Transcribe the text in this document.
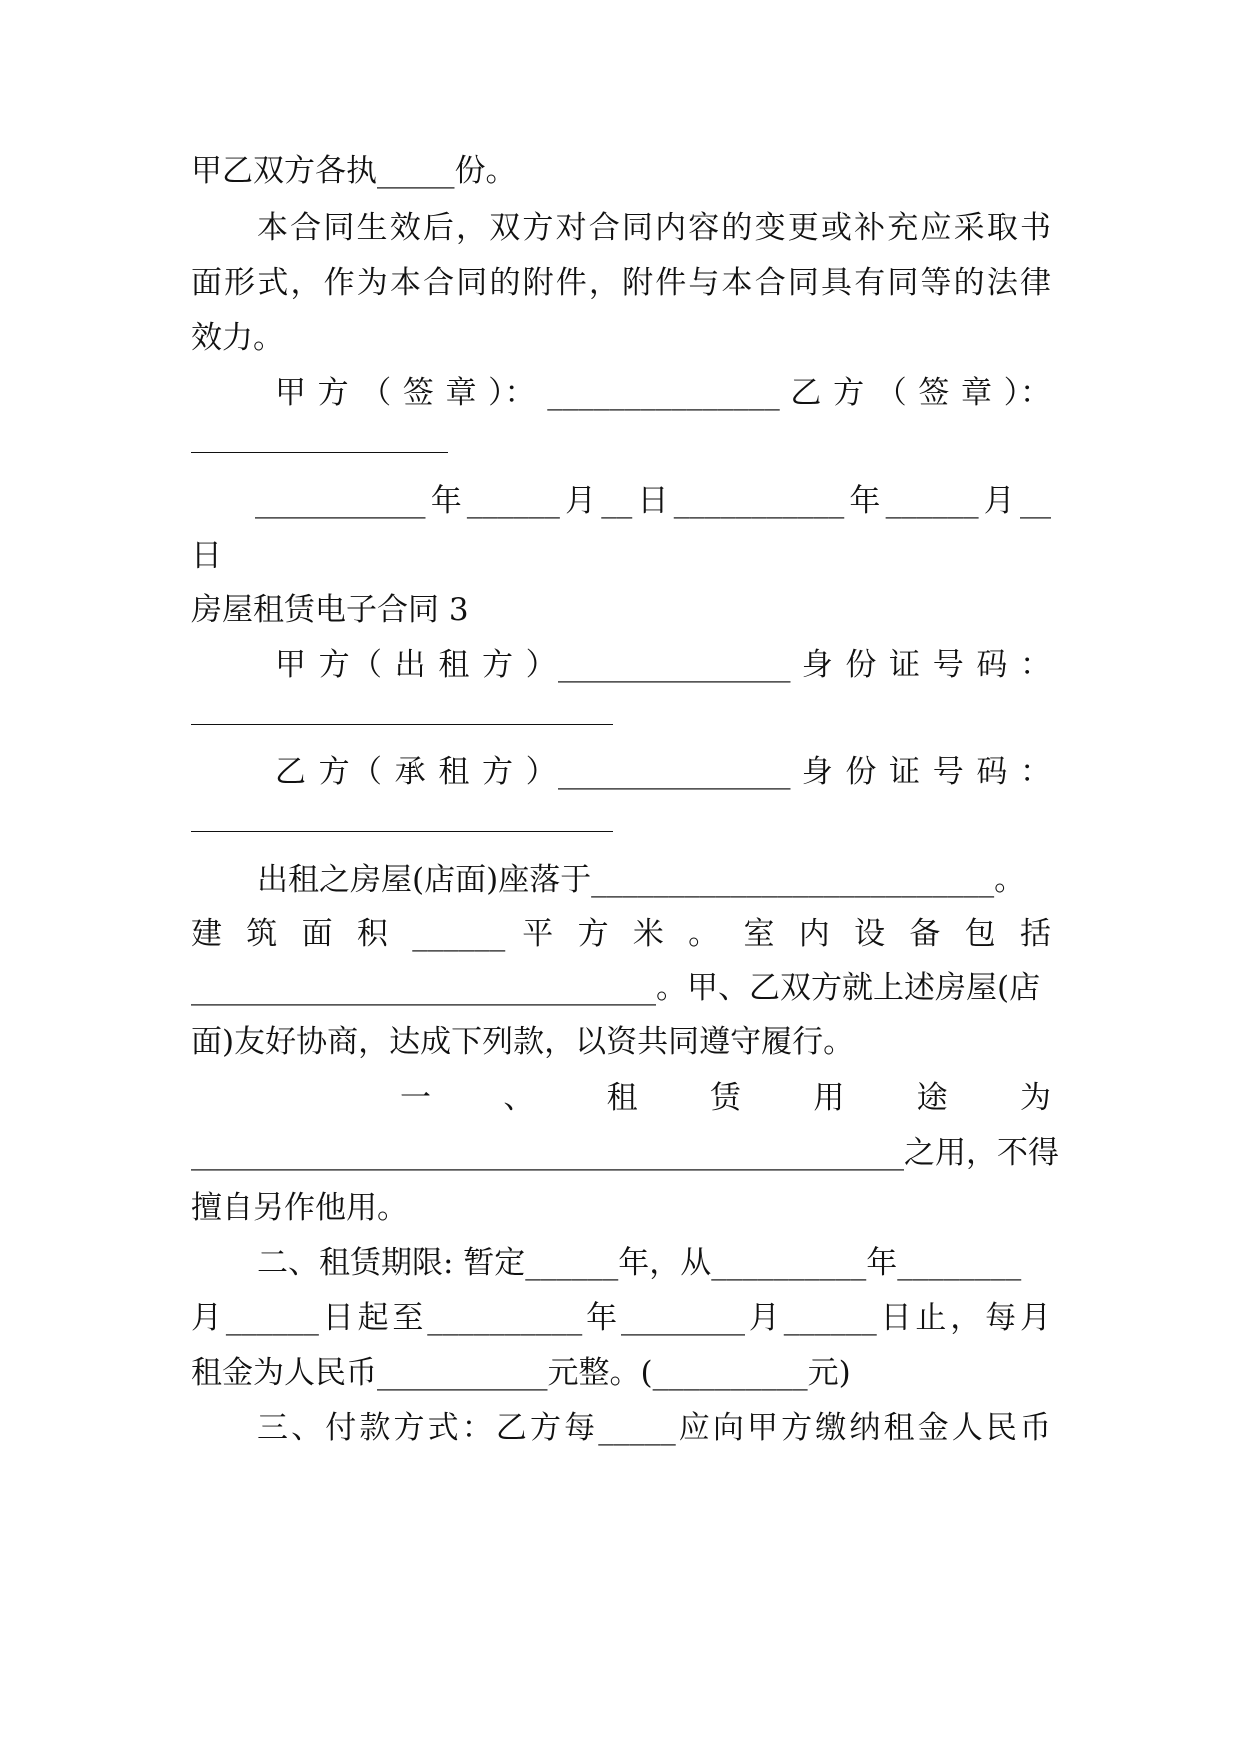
甲乙双方各执_____份。
本合同生效后，双方对合同内容的变更或补充应采取书
面形式，作为本合同的附件，附件与本合同具有同等的法律
效力。
甲 方 （ 签 章 ）： _______________ 乙 方 （ 签 章 ）：
___________年______月__日___________年______月__
日
房屋租赁电子合同 3
甲 方（ 出 租 方 ）_______________ 身 份 证 号 码 ：
乙 方（ 承 租 方 ）_______________ 身 份 证 号 码 ：
出租之房屋(店面)座落于__________________________。
建 筑 面 积 ______ 平 方 米 。 室 内 设 备 包 括
______________________________。甲、乙双方就上述房屋(店
面)友好协商，达成下列款，以资共同遵守履行。
一 、 租 赁 用 途 为
______________________________________________之用，不得
擅自另作他用。
二、租赁期限: 暂定______年，从__________年________
月______日起至__________年________月______日止，每月
租金为人民币___________元整。(__________元)
三、付款方式：乙方每_____应向甲方缴纳租金人民币
